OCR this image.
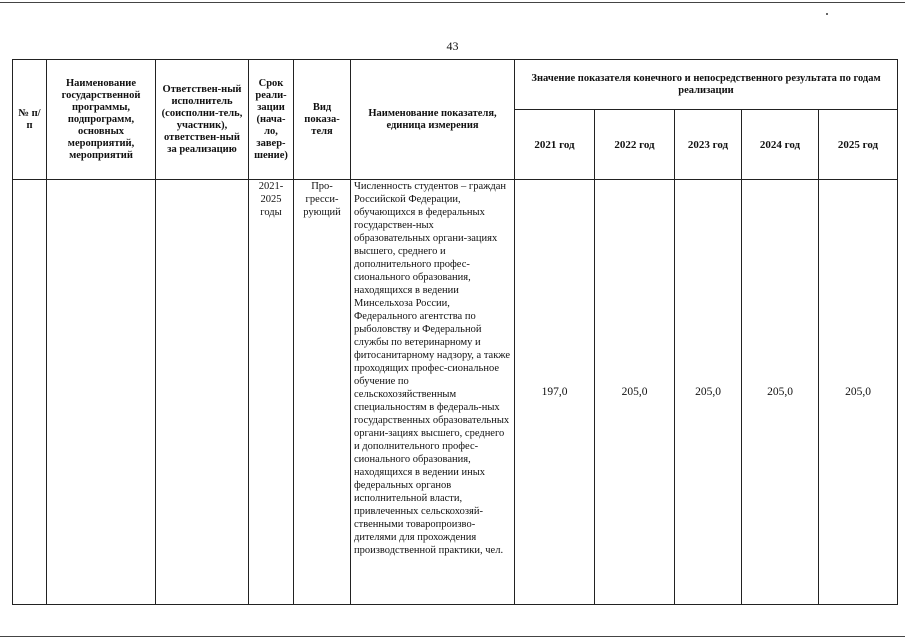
43
№ п/п	Наименование государственной программы, подпрограмм, основных мероприятий, мероприятий	Ответствен-ный исполнитель (соисполни-тель, участник), ответствен-ный за реализацию	Срок реали-зации (нача-ло, завер-шение)	Вид показа-теля	Наименование показателя, единица измерения	Значение показателя конечного и непосредственного результата по годам реализации				
						2021 год	2022 год	2023 год	2024 год	2025 год
			2021-2025 годы	Про-гресси-рующий	Численность студентов – граждан Российской Федерации, обучающихся в федеральных государствен-ных образовательных органи-зациях высшего, среднего и дополнительного профес-сионального образования, находящихся в ведении Минсельхоза России, Федерального агентства по рыболовству и Федеральной службы по ветеринарному и фитосанитарному надзору, а также проходящих профес-сиональное обучение по сельскохозяйственным специальностям в федераль-ных государственных образовательных органи-зациях высшего, среднего и дополнительного профес-сионального образования, находящихся в ведении иных федеральных органов исполнительной власти, привлеченных сельскохозяй-ственными товаропроизво-дителями для прохождения производственной практики, чел.	197,0	205,0	205,0	205,0	205,0
